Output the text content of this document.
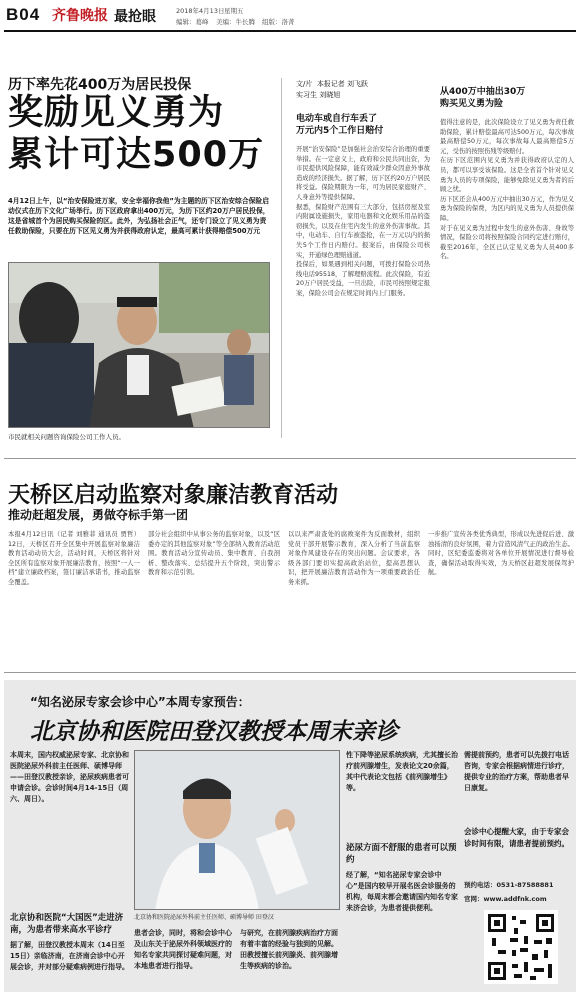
B04 齐鲁晚报 最抢眼	2018年4月13日 星期五
编辑：葛峰 美编：牛长腾 组版：洛菁
历下率先花400万为居民投保
奖励见义勇为
累计可达500万
4月12日上午，以“治安保险进万家，安全幸福你我他”为主题的历下区治安综合保险启动仪式在历下文化广场举行。历下区政府拿出400万元，为历下区约20万户居民投保，这是省城首个为居民购买保险的区。此外，为弘扬社会正气，还专门设立了见义勇为责任救助保险，只要在历下区见义勇为并获得政府认定，最高可累计获得赔偿500万元
市民就相关问题咨询保险公司工作人员。
文/片 本报记者 刘飞跃
实习生 刘晓旭
电动车或自行车丢了
万元内5个工作日赔付
开展“治安保险”是加强社会治安综合治理的重要举措。在一定意义上，政府和公民共同出资，为市民提供风险保障，能有效减少群众因意外事故造成的经济损失。据了解，历下区约20万户居民将受益。保险期限为一年，可为居民家庭财产、人身意外等提供保障。
据悉，保险财产范围有三大部分，包括房屋及室内附属设施损失，家用电器和文化娱乐用品的盗窃损失，以及在住宅内发生的意外伤害事故。其中，电动车、自行车被盗抢，在一万元以内的损失5个工作日内赔付。报案后，由保险公司核实，开通绿色理赔通道。
投保后，如果遇到相关问题，可拨打保险公司热线电话95518，了解理赔流程。此次保险，有近20万户居民受益，一旦出险，市民可按照规定报案，保险公司会在规定时间内上门服务。
从400万中抽出30万
购买见义勇为险
值得注意的是，此次保险设立了见义勇为责任救助保险，累计赔偿最高可达500万元，每次事故最高赔偿50万元，每次事故每人最高赔偿5万元，受伤的按照伤残等级赔付。
在历下区范围内见义勇为并获得政府认定的人员，都可以享受该保险。这是全省首个针对见义勇为人员的专项保险，能够免除见义勇为者的后顾之忧。
历下区还会从400万元中抽出30万元，作为见义勇为保险的保费，为区内的见义勇为人员提供保障。
对于在见义勇为过程中发生的意外伤害、身故等情况，保险公司将按照保险合同约定进行赔付，截至2016年，全区已认定见义勇为人员400多名。
天桥区启动监察对象廉洁教育活动
推动赶超发展，勇做夺标手第一团
本报4月12日讯（记者 刘雅菲 通讯员 贾哲）12日，天桥区召开全区集中开展监察对象廉洁教育活动动员大会，活动时间，天桥区将针对全区所有监察对象开展廉洁教育，按照“一人一档”建立廉政档案，签订廉洁承诺书，推动监察全覆盖。
部分社会组织中从事公务的监察对象，以及“区委办定的其他监察对象”等全部纳入教育活动范围。教育活动分宣传动员、集中教育、自我剖析、整改落实、总结提升五个阶段，突出警示教育和示范引领。
以以来严肃查处的腐败案件为反面教材，组织党员干部开展警示教育，深入分析了当前监察对象作风建设存在的突出问题。会议要求，各级各部门要切实提高政治站位，提高思想认识，把开展廉洁教育活动作为一项重要政治任务来抓。
一步推广宣传各类优秀典型，形成以先进促后进、激浊扬清的良好氛围，着力营造风清气正的政治生态。同时，区纪委监委将对各单位开展情况进行督导检查，确保活动取得实效，为天桥区赶超发展保驾护航。
“知名泌尿专家会诊中心”本周专家预告：
北京协和医院田登汉教授本周末亲诊
本周末，国内权威泌尿专家、北京协和医院泌尿外科前主任医师、硕博导师——田登汉教授亲诊，泌尿疾病患者可申请会诊。会诊时间4月14-15日（周六、周日）。
北京协和医院“大国医”走进济南，为患者带来高水平诊疗
据了解，田登汉教授本周末（14日至15日）亲临济南，在济南会诊中心开展会诊，并对部分疑难病例进行指导。
北京协和医院泌尿外科前主任医师、硕博导师 田登汉
患者会诊，同时，将和会诊中心及山东关于泌尿外科领域医疗的知名专家共同探讨疑难问题，对本地患者进行指导。
与研究，在前列腺疾病治疗方面有着丰富的经验与独到的见解。田教授擅长前列腺炎、前列腺增生等疾病的诊治。
性下降等泌尿系统疾病，尤其擅长治疗前列腺增生，发表论文20余篇，其中代表论文包括《前列腺增生》等。
泌尿方面不舒服的患者可以预约
经了解，“知名泌尿专家会诊中心”是国内较早开展名医会诊服务的机构，每周末都会邀请国内知名专家来济会诊，为患者提供便利。
需提前预约，患者可以先拨打电话咨询，专家会根据病情进行诊疗，提供专业的治疗方案，帮助患者早日康复。
会诊中心提醒大家，由于专家会诊时间有限，请患者提前预约。
预约电话：0531-87588881
官网：www.addfnk.com
